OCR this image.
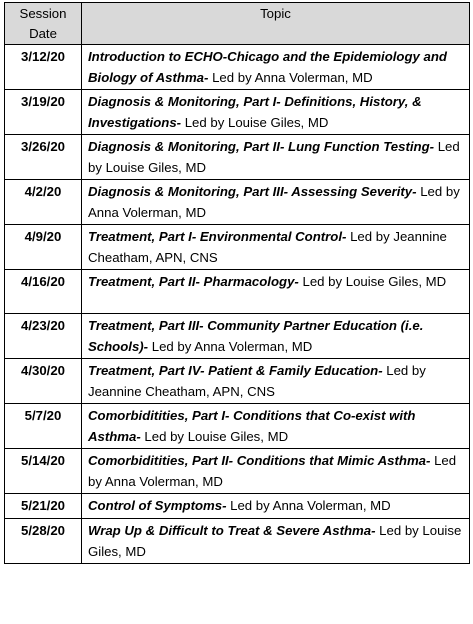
Session Date	Topic
3/12/20	Introduction to ECHO-Chicago and the Epidemiology and Biology of Asthma- Led by Anna Volerman, MD
3/19/20	Diagnosis & Monitoring, Part I- Definitions, History, & Investigations- Led by Louise Giles, MD
3/26/20	Diagnosis & Monitoring, Part II- Lung Function Testing- Led by Louise Giles, MD
4/2/20	Diagnosis & Monitoring, Part III- Assessing Severity- Led by Anna Volerman, MD
4/9/20	Treatment, Part I- Environmental Control- Led by Jeannine Cheatham, APN, CNS
4/16/20	Treatment, Part II- Pharmacology- Led by Louise Giles, MD
4/23/20	Treatment, Part III- Community Partner Education (i.e. Schools)- Led by Anna Volerman, MD
4/30/20	Treatment, Part IV- Patient & Family Education- Led by Jeannine Cheatham, APN, CNS
5/7/20	Comorbiditities, Part I- Conditions that Co-exist with Asthma- Led by Louise Giles, MD
5/14/20	Comorbiditities, Part II- Conditions that Mimic Asthma- Led by Anna Volerman, MD
5/21/20	Control of Symptoms- Led by Anna Volerman, MD
5/28/20	Wrap Up & Difficult to Treat & Severe Asthma- Led by Louise Giles, MD
